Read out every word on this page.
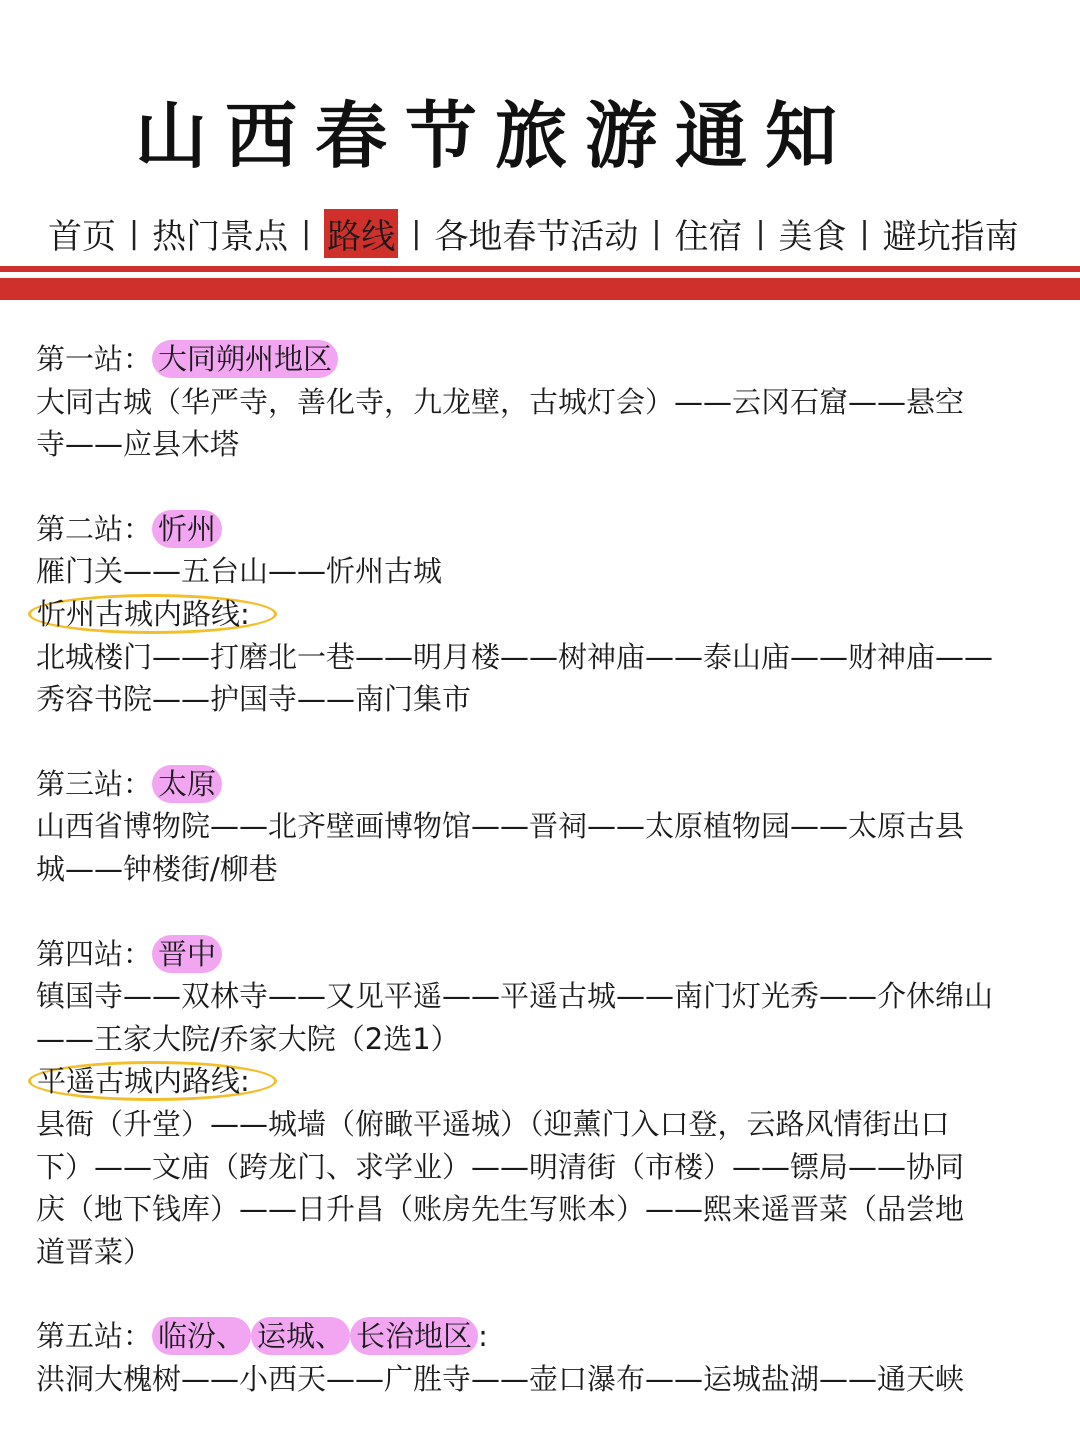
山西春节旅游通知
首页 | 热门景点 | 路线 | 各地春节活动 | 住宿 | 美食 | 避坑指南
第一站： 大同朔州地区
大同古城（华严寺，善化寺，九龙壁，古城灯会）——云冈石窟——悬空
寺——应县木塔
第二站： 忻州
雁门关——五台山——忻州古城
忻州古城内路线:
北城楼门——打磨北一巷——明月楼——树神庙——泰山庙——财神庙——
秀容书院——护国寺——南门集市
第三站： 太原
山西省博物院——北齐壁画博物馆——晋祠——太原植物园——太原古县
城——钟楼街/柳巷
第四站： 晋中
镇国寺——双林寺——又见平遥——平遥古城——南门灯光秀——介休绵山
——王家大院/乔家大院（2选1）
平遥古城内路线:
县衙（升堂）——城墙（俯瞰平遥城）（迎薰门入口登，云路风情街出口
下）——文庙（跨龙门、求学业）——明清街（市楼）——镖局——协同
庆（地下钱库）——日升昌（账房先生写账本）——熙来遥晋菜（品尝地
道晋菜）
第五站： 临汾、 运城、 长治地区 :
洪洞大槐树——小西天——广胜寺——壶口瀑布——运城盐湖——通天峡
